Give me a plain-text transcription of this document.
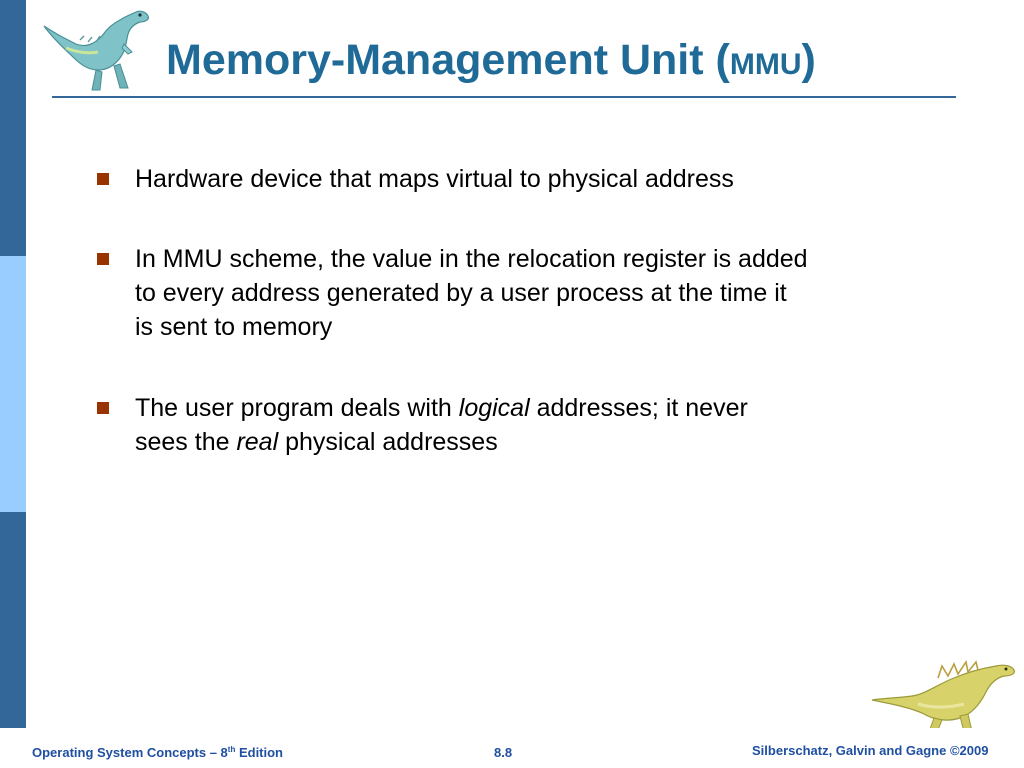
Memory-Management Unit (MMU)
Hardware device that maps virtual to physical address
In MMU scheme, the value in the relocation register is added
to every address generated by a user process at the time it
is sent to memory
The user program deals with logical addresses; it never
sees the real physical addresses
Operating System Concepts – 8th Edition	8.8	Silberschatz, Galvin and Gagne ©2009
